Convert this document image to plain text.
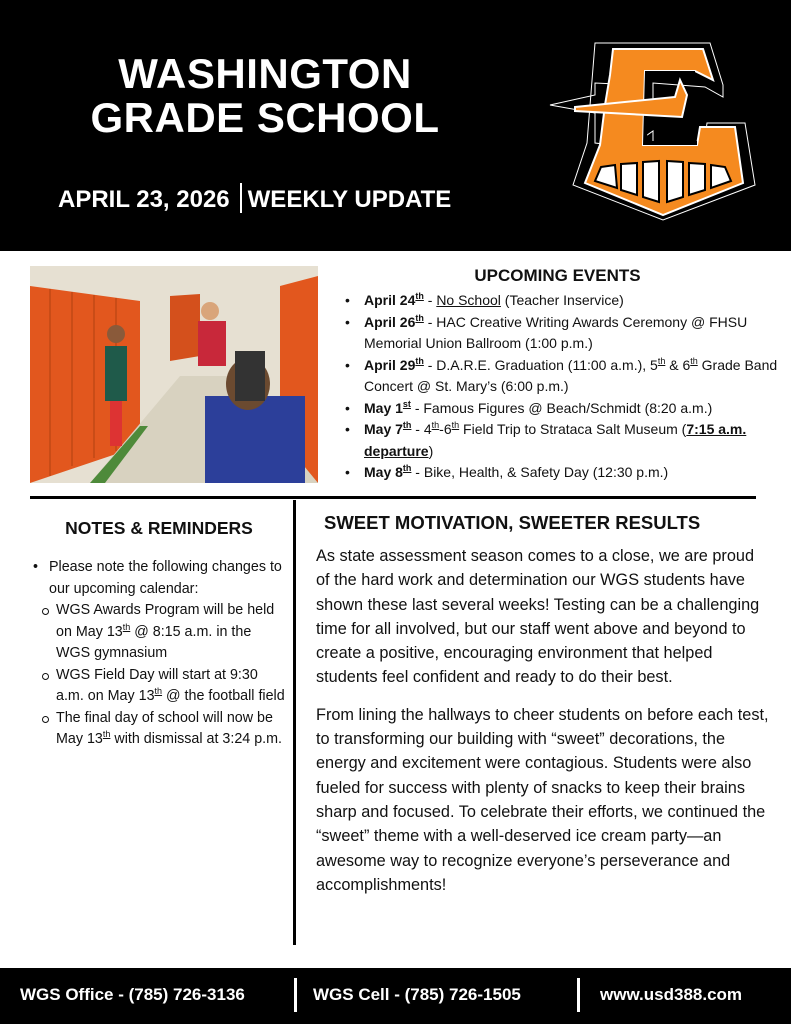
WASHINGTON
GRADE SCHOOL
APRIL 23, 2026 WEEKLY UPDATE
UPCOMING EVENTS
• April 24th - No School (Teacher Inservice)
• April 26th - HAC Creative Writing Awards Ceremony @ FHSU Memorial Union Ballroom (1:00 p.m.)
• April 29th - D.A.R.E. Graduation (11:00 a.m.), 5th & 6th Grade Band Concert @ St. Mary’s (6:00 p.m.)
• May 1st - Famous Figures @ Beach/Schmidt (8:20 a.m.)
• May 7th - 4th-6th Field Trip to Strataca Salt Museum (7:15 a.m. departure)
• May 8th - Bike, Health, & Safety Day (12:30 p.m.)
NOTES & REMINDERS
• Please note the following changes to our upcoming calendar:
WGS Awards Program will be held on May 13th @ 8:15 a.m. in the WGS gymnasium
WGS Field Day will start at 9:30 a.m. on May 13th @ the football field
The final day of school will now be May 13th with dismissal at 3:24 p.m.
SWEET MOTIVATION, SWEETER RESULTS

As state assessment season comes to a close, we are proud of the hard work and determination our WGS students have shown these last several weeks! Testing can be a challenging time for all involved, but our staff went above and beyond to create a positive, encouraging environment that helped students feel confident and ready to do their best.

From lining the hallways to cheer students on before each test, to transforming our building with “sweet” decorations, the energy and excitement were contagious. Students were also fueled for success with plenty of snacks to keep their brains sharp and focused. To celebrate their efforts, we continued the “sweet” theme with a well-deserved ice cream party—an awesome way to recognize everyone’s perseverance and accomplishments!

WGS Office - (785) 726-3136	WGS Cell - (785) 726-1505	www.usd388.com
